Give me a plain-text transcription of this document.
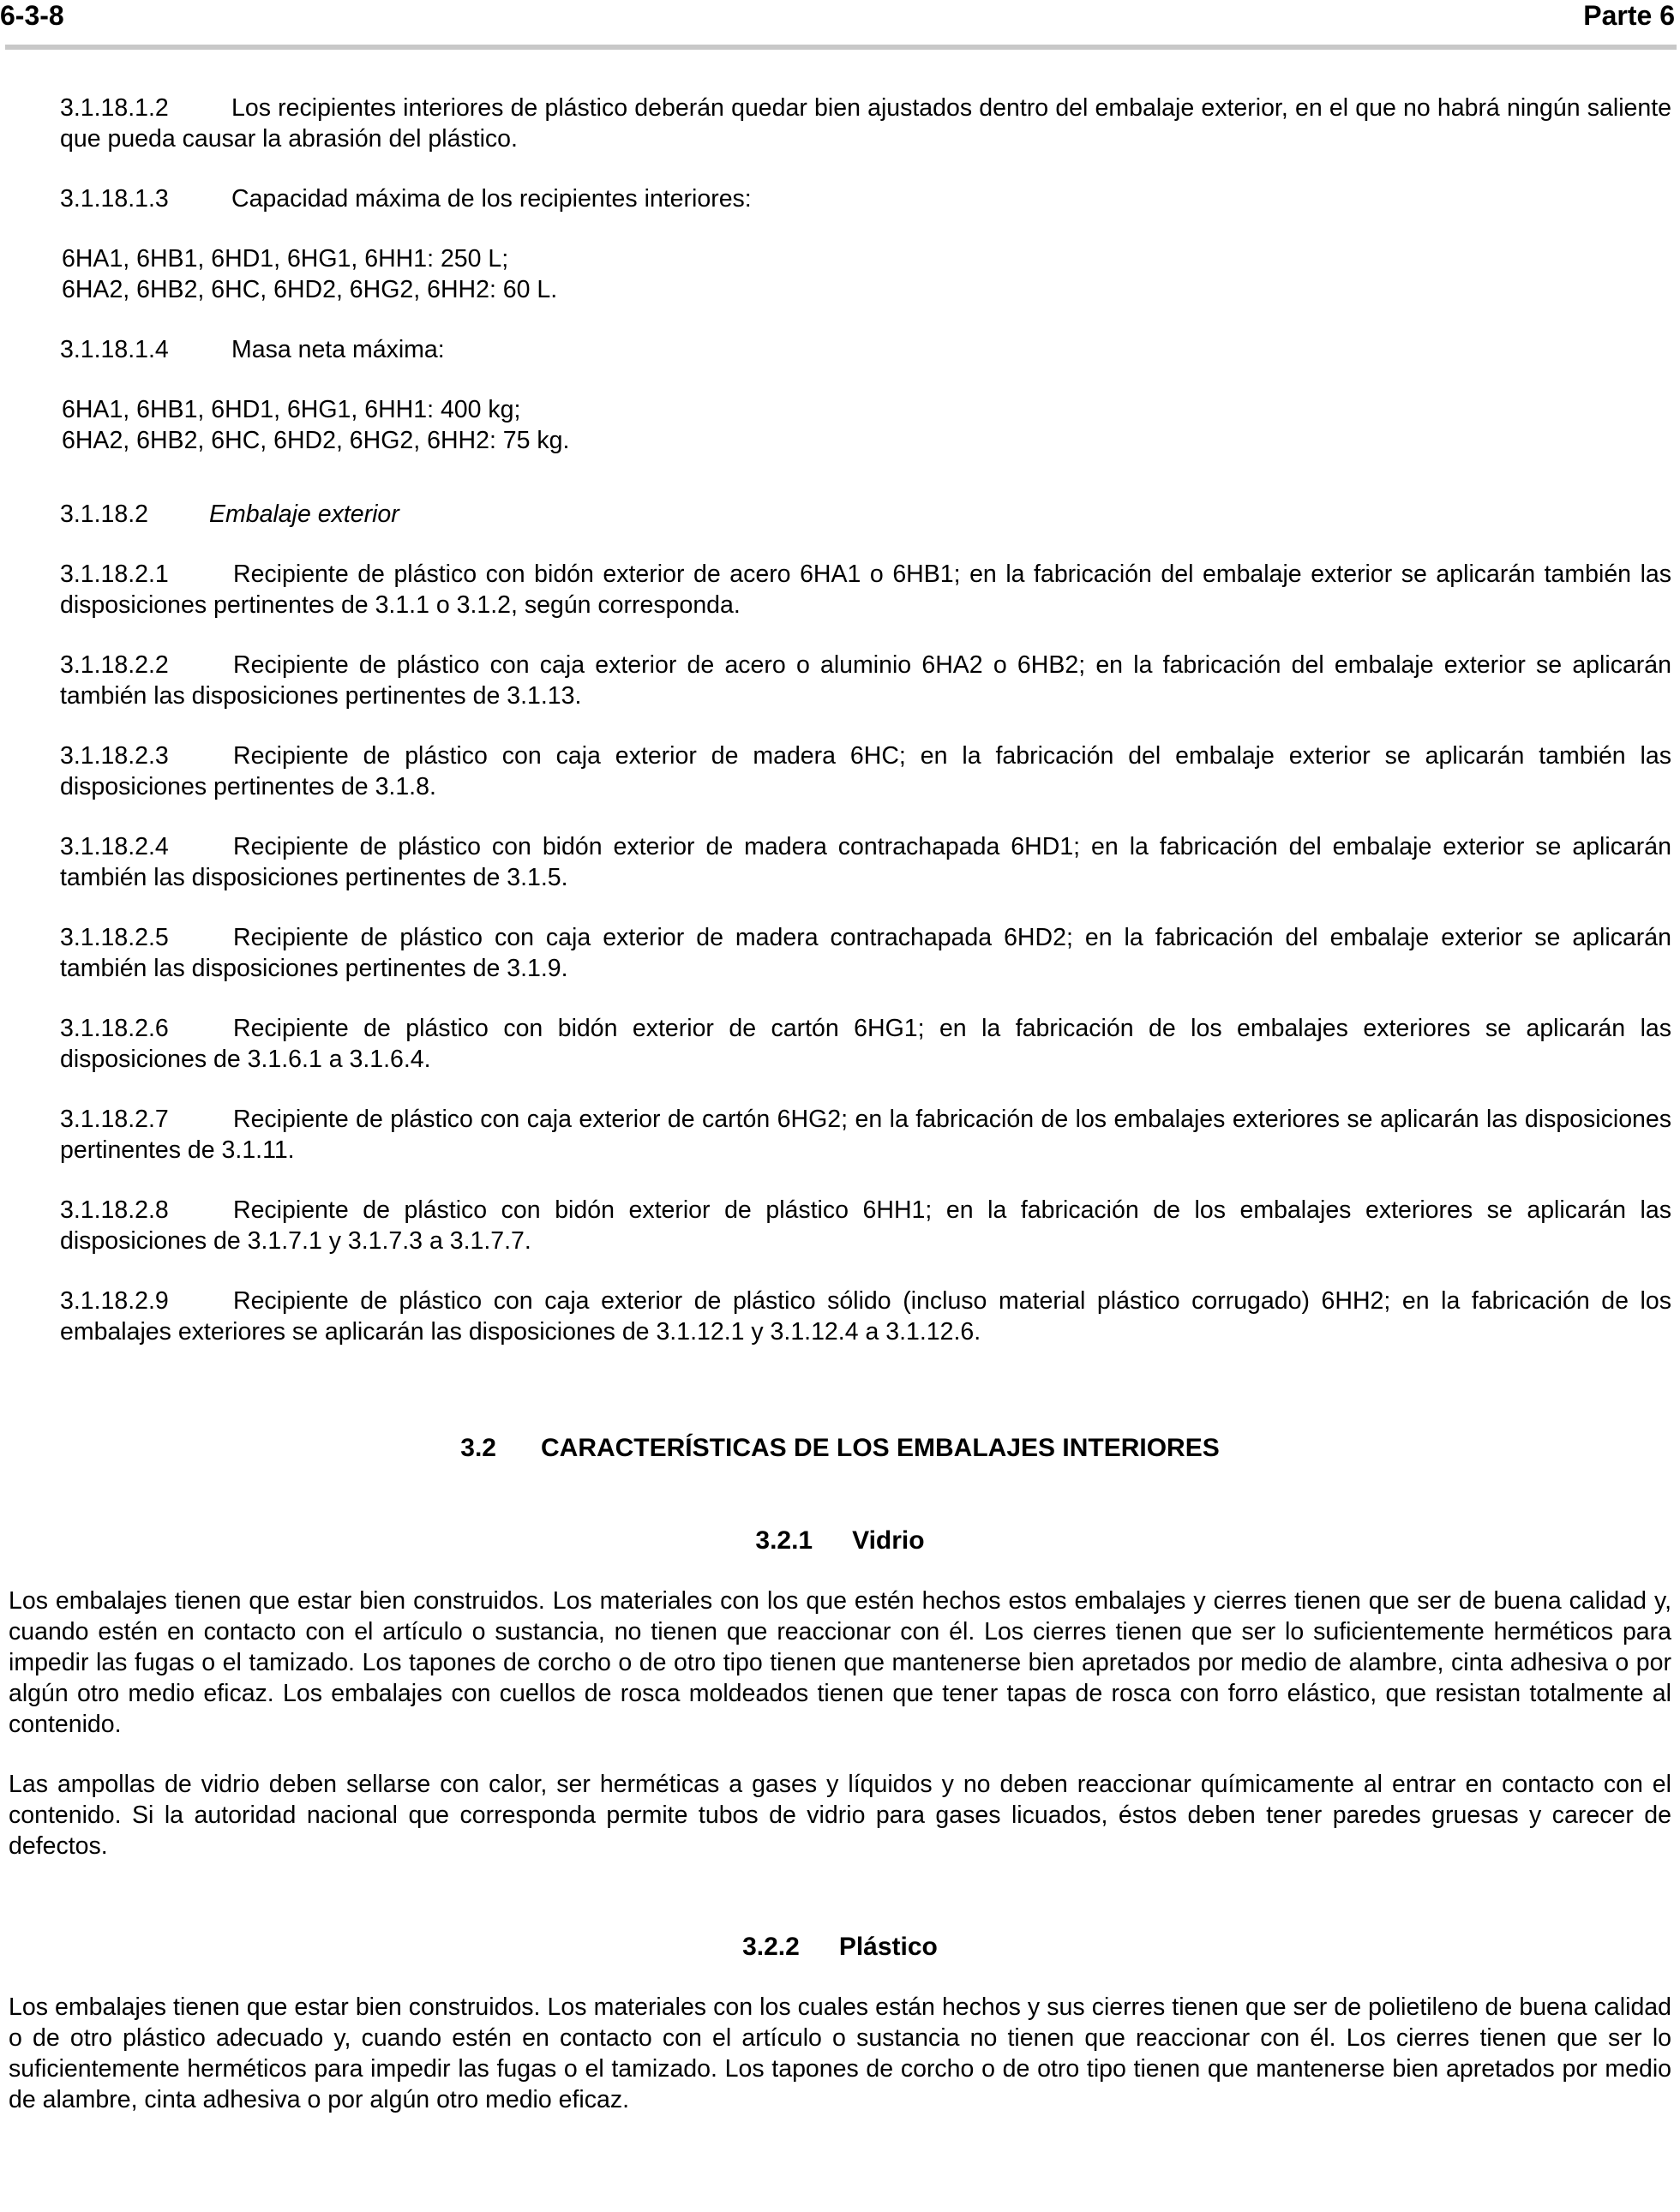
6-3-8	Parte 6

3.1.18.1.2	Los recipientes interiores de plástico deberán quedar bien ajustados dentro del embalaje exterior, en el que no habrá ningún saliente que pueda causar la abrasión del plástico.

3.1.18.1.3	Capacidad máxima de los recipientes interiores:

6HA1, 6HB1, 6HD1, 6HG1, 6HH1: 250 L;

6HA2, 6HB2, 6HC, 6HD2, 6HG2, 6HH2: 60 L.

3.1.18.1.4	Masa neta máxima:

6HA1, 6HB1, 6HD1, 6HG1, 6HH1: 400 kg;

6HA2, 6HB2, 6HC, 6HD2, 6HG2, 6HH2: 75 kg.

3.1.18.2 Embalaje exterior

3.1.18.2.1	Recipiente de plástico con bidón exterior de acero 6HA1 o 6HB1; en la fabricación del embalaje exterior se aplicarán también las disposiciones pertinentes de 3.1.1 o 3.1.2, según corresponda.

3.1.18.2.2	Recipiente de plástico con caja exterior de acero o aluminio 6HA2 o 6HB2; en la fabricación del embalaje exterior se aplicarán también las disposiciones pertinentes de 3.1.13.

3.1.18.2.3	Recipiente de plástico con caja exterior de madera 6HC; en la fabricación del embalaje exterior se aplicarán también las disposiciones pertinentes de 3.1.8.

3.1.18.2.4	Recipiente de plástico con bidón exterior de madera contrachapada 6HD1; en la fabricación del embalaje exterior se aplicarán también las disposiciones pertinentes de 3.1.5.

3.1.18.2.5	Recipiente de plástico con caja exterior de madera contrachapada 6HD2; en la fabricación del embalaje exterior se aplicarán también las disposiciones pertinentes de 3.1.9.

3.1.18.2.6	Recipiente de plástico con bidón exterior de cartón 6HG1; en la fabricación de los embalajes exteriores se aplicarán las disposiciones de 3.1.6.1 a 3.1.6.4.

3.1.18.2.7	Recipiente de plástico con caja exterior de cartón 6HG2; en la fabricación de los embalajes exteriores se aplicarán las disposiciones pertinentes de 3.1.11.

3.1.18.2.8	Recipiente de plástico con bidón exterior de plástico 6HH1; en la fabricación de los embalajes exteriores se aplicarán las disposiciones de 3.1.7.1 y 3.1.7.3 a 3.1.7.7.

3.1.18.2.9	Recipiente de plástico con caja exterior de plástico sólido (incluso material plástico corrugado) 6HH2; en la fabricación de los embalajes exteriores se aplicarán las disposiciones de 3.1.12.1 y 3.1.12.4 a 3.1.12.6.

3.2 CARACTERÍSTICAS DE LOS EMBALAJES INTERIORES
3.2.1 Vidrio

Los embalajes tienen que estar bien construidos. Los materiales con los que estén hechos estos embalajes y cierres tienen que ser de buena calidad y, cuando estén en contacto con el artículo o sustancia, no tienen que reaccionar con él. Los cierres tienen que ser lo suficientemente herméticos para impedir las fugas o el tamizado. Los tapones de corcho o de otro tipo tienen que mantenerse bien apretados por medio de alambre, cinta adhesiva o por algún otro medio eficaz. Los embalajes con cuellos de rosca moldeados tienen que tener tapas de rosca con forro elástico, que resistan totalmente al contenido.

Las ampollas de vidrio deben sellarse con calor, ser herméticas a gases y líquidos y no deben reaccionar químicamente al entrar en contacto con el contenido. Si la autoridad nacional que corresponda permite tubos de vidrio para gases licuados, éstos deben tener paredes gruesas y carecer de defectos.

3.2.2 Plástico

Los embalajes tienen que estar bien construidos. Los materiales con los cuales están hechos y sus cierres tienen que ser de polietileno de buena calidad o de otro plástico adecuado y, cuando estén en contacto con el artículo o sustancia no tienen que reaccionar con él. Los cierres tienen que ser lo suficientemente herméticos para impedir las fugas o el tamizado. Los tapones de corcho o de otro tipo tienen que mantenerse bien apretados por medio de alambre, cinta adhesiva o por algún otro medio eficaz.
